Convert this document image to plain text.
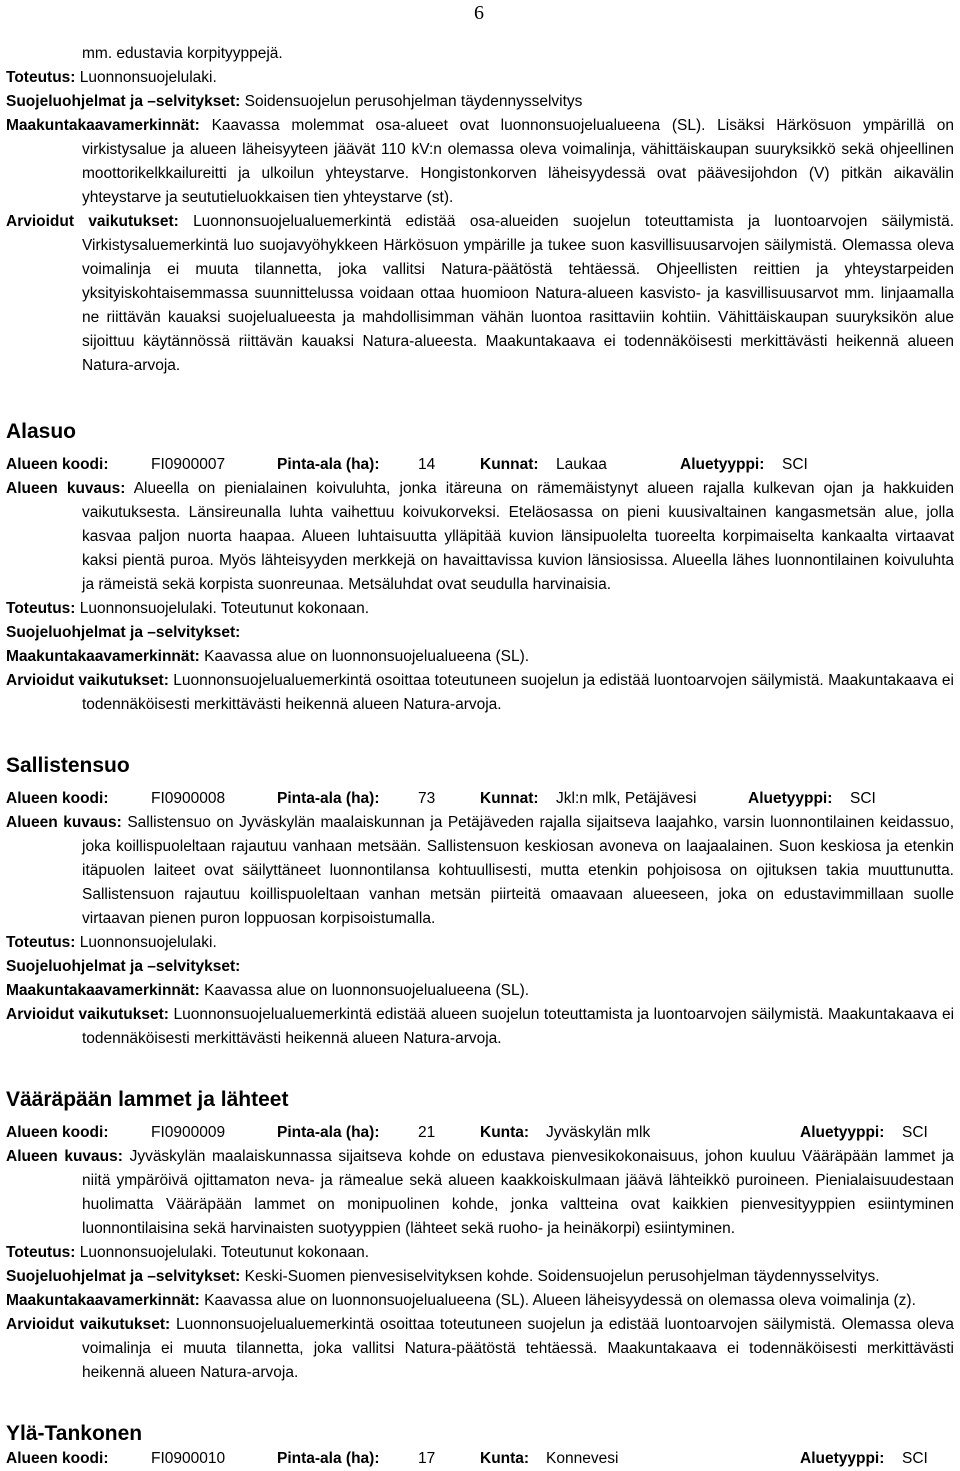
6

mm. edustavia korpityyppejä.

Toteutus: Luonnonsuojelulaki.

Suojeluohjelmat ja –selvitykset: Soidensuojelun perusohjelman täydennysselvitys

Maakuntakaavamerkinnät: Kaavassa molemmat osa-alueet ovat luonnonsuojelualueena (SL). Lisäksi Härkösuon ympärillä on virkistysalue ja alueen läheisyyteen jäävät 110 kV:n olemassa oleva voimalinja, vähittäiskaupan suuryksikkö sekä ohjeellinen moottorikelkkailureitti ja ulkoilun yhteystarve. Hongistonkorven läheisyydessä ovat päävesijohdon (V) pitkän aikavälin yhteystarve ja seututieluokkaisen tien yhteystarve (st).

Arvioidut vaikutukset: Luonnonsuojelualuemerkintä edistää osa-alueiden suojelun toteuttamista ja luontoarvojen säilymistä. Virkistysaluemerkintä luo suojavyöhykkeen Härkösuon ympärille ja tukee suon kasvillisuusarvojen säilymistä. Olemassa oleva voimalinja ei muuta tilannetta, joka vallitsi Natura-päätöstä tehtäessä. Ohjeellisten reittien ja yhteystarpeiden yksityiskohtaisemmassa suunnittelussa voidaan ottaa huomioon Natura-alueen kasvisto- ja kasvillisuusarvot mm. linjaamalla ne riittävän kauaksi suojelualueesta ja mahdollisimman vähän luontoa rasittaviin kohtiin. Vähittäiskaupan suuryksikön alue sijoittuu käytännössä riittävän kauaksi Natura-alueesta. Maakuntakaava ei todennäköisesti merkittävästi heikennä alueen Natura-arvoja.

Alasuo

Alueen koodi:	FI0900007	Pinta-ala (ha):	14	Kunnat:	Laukaa	Aluetyyppi:	SCI

Alueen kuvaus: Alueella on pienialainen koivuluhta, jonka itäreuna on rämemäistynyt alueen rajalla kulkevan ojan ja hakkuiden vaikutuksesta. Länsireunalla luhta vaihettuu koivukorveksi. Eteläosassa on pieni kuusivaltainen kangasmetsän alue, jolla kasvaa paljon nuorta haapaa. Alueen luhtaisuutta ylläpitää kuvion länsipuolelta tuoreelta korpimaiselta kankaalta virtaavat kaksi pientä puroa. Myös lähteisyyden merkkejä on havaittavissa kuvion länsiosissa. Alueella lähes luonnontilainen koivuluhta ja rämeistä sekä korpista suonreunaa. Metsäluhdat ovat seudulla harvinaisia.

Toteutus: Luonnonsuojelulaki. Toteutunut kokonaan.

Suojeluohjelmat ja –selvitykset:

Maakuntakaavamerkinnät: Kaavassa alue on luonnonsuojelualueena (SL).

Arvioidut vaikutukset: Luonnonsuojelualuemerkintä osoittaa toteutuneen suojelun ja edistää luontoarvojen säilymistä. Maakuntakaava ei todennäköisesti merkittävästi heikennä alueen Natura-arvoja.

Sallistensuo

Alueen koodi:	FI0900008	Pinta-ala (ha):	73	Kunnat:	Jkl:n mlk, Petäjävesi	Aluetyyppi:	SCI

Alueen kuvaus: Sallistensuo on Jyväskylän maalaiskunnan ja Petäjäveden rajalla sijaitseva laajahko, varsin luonnontilainen keidassuo, joka koillispuoleltaan rajautuu vanhaan metsään. Sallistensuon keskiosan avoneva on laajaalainen. Suon keskiosa ja etenkin itäpuolen laiteet ovat säilyttäneet luonnontilansa kohtuullisesti, mutta etenkin pohjoisosa on ojituksen takia muuttunutta. Sallistensuon rajautuu koillispuoleltaan vanhan metsän piirteitä omaavaan alueeseen, joka on edustavimmillaan suolle virtaavan pienen puron loppuosan korpisoistumalla.

Toteutus: Luonnonsuojelulaki.

Suojeluohjelmat ja –selvitykset:

Maakuntakaavamerkinnät: Kaavassa alue on luonnonsuojelualueena (SL).

Arvioidut vaikutukset: Luonnonsuojelualuemerkintä edistää alueen suojelun toteuttamista ja luontoarvojen säilymistä. Maakuntakaava ei todennäköisesti merkittävästi heikennä alueen Natura-arvoja.

Vääräpään lammet ja lähteet

Alueen koodi:	FI0900009	Pinta-ala (ha):	21	Kunta:	Jyväskylän mlk	Aluetyyppi:	SCI

Alueen kuvaus: Jyväskylän maalaiskunnassa sijaitseva kohde on edustava pienvesikokonaisuus, johon kuuluu Vääräpään lammet ja niitä ympäröivä ojittamaton neva- ja rämealue sekä alueen kaakkoiskulmaan jäävä lähteikkö puroineen. Pienialaisuudestaan huolimatta Vääräpään lammet on monipuolinen kohde, jonka valtteina ovat kaikkien pienvesityyppien esiintyminen luonnontilaisina sekä harvinaisten suotyyppien (lähteet sekä ruoho- ja heinäkorpi) esiintyminen.

Toteutus: Luonnonsuojelulaki. Toteutunut kokonaan.

Suojeluohjelmat ja –selvitykset: Keski-Suomen pienvesiselvityksen kohde. Soidensuojelun perusohjelman täydennysselvitys.

Maakuntakaavamerkinnät: Kaavassa alue on luonnonsuojelualueena (SL). Alueen läheisyydessä on olemassa oleva voimalinja (z).

Arvioidut vaikutukset: Luonnonsuojelualuemerkintä osoittaa toteutuneen suojelun ja edistää luontoarvojen säilymistä. Olemassa oleva voimalinja ei muuta tilannetta, joka vallitsi Natura-päätöstä tehtäessä. Maakuntakaava ei todennäköisesti merkittävästi heikennä alueen Natura-arvoja.

Ylä-Tankonen

Alueen koodi:	FI0900010	Pinta-ala (ha):	17	Kunta:	Konnevesi	Aluetyyppi:	SCI
